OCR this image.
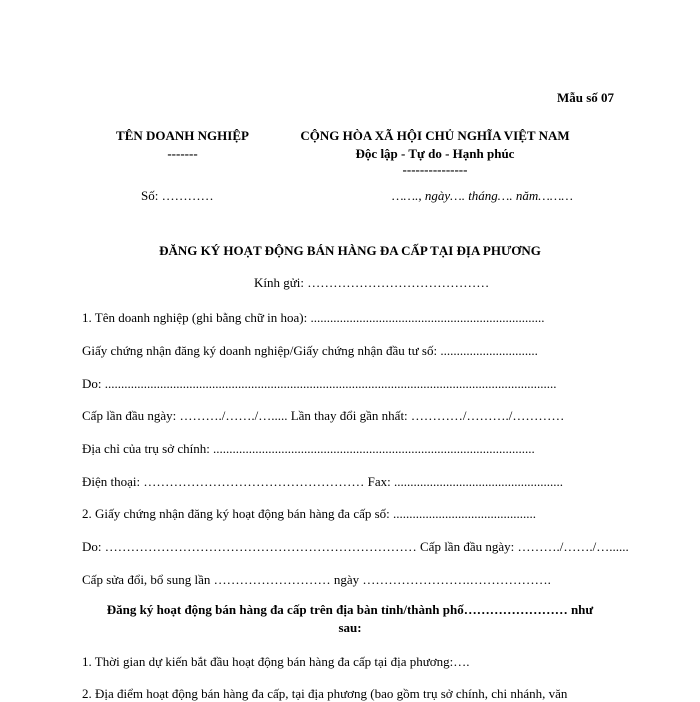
Mẫu số 07
TÊN DOANH NGHIỆP
-------
CỘNG HÒA XÃ HỘI CHỦ NGHĨA VIỆT NAM
Độc lập - Tự do - Hạnh phúc
---------------
Số: …………	……., ngày…. tháng…. năm………
ĐĂNG KÝ HOẠT ĐỘNG BÁN HÀNG ĐA CẤP TẠI ĐỊA PHƯƠNG
Kính gửi: ……………………………………
1. Tên doanh nghiệp (ghi bằng chữ in hoa): ........................................................................
Giấy chứng nhận đăng ký doanh nghiệp/Giấy chứng nhận đầu tư số: ..............................
Do: ...........................................................................................................................................
Cấp lần đầu ngày: ………./……./…..... Lần thay đổi gần nhất: …………/………./…………
Địa chỉ của trụ sở chính: ...................................................................................................
Điện thoại: …………………………………………… Fax: ....................................................
2. Giấy chứng nhận đăng ký hoạt động bán hàng đa cấp số: ............................................
Do: ……………………………………………………………… Cấp lần đầu ngày: ………./……./…......
Cấp sửa đổi, bổ sung lần ……………………… ngày …………………….……………….
Đăng ký hoạt động bán hàng đa cấp trên địa bàn tỉnh/thành phố…………………… như
sau:
1. Thời gian dự kiến bắt đầu hoạt động bán hàng đa cấp tại địa phương:….
2. Địa điểm hoạt động bán hàng đa cấp, tại địa phương (bao gồm trụ sở chính, chi nhánh, văn
